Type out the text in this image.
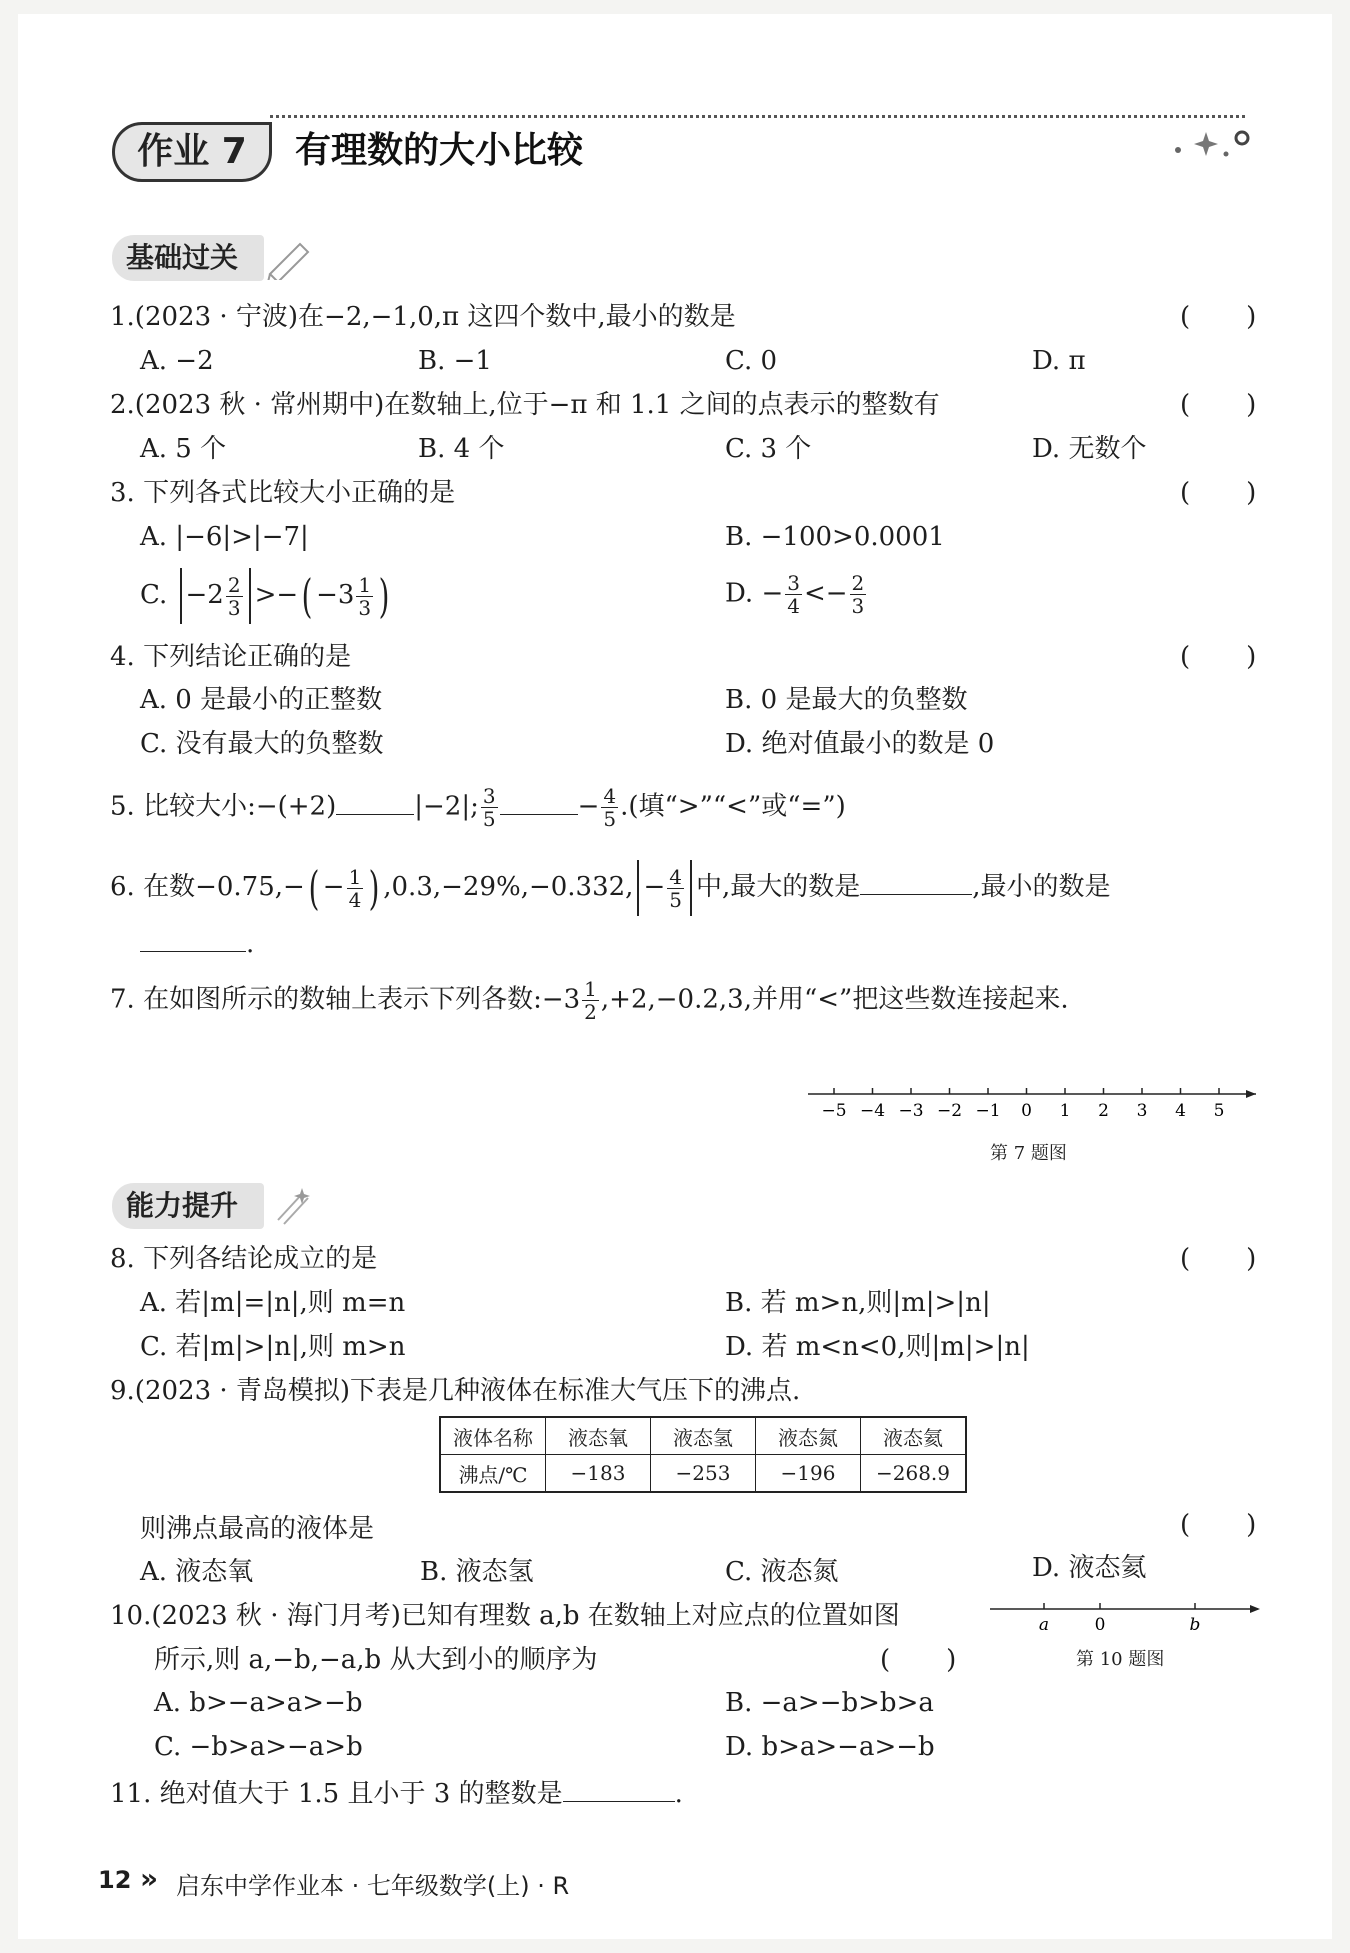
作业 7	有理数的大小比较
基础过关
1.(2023 · 宁波)在−2,−1,0,π 这四个数中,最小的数是	( )
A. −2	B. −1	C. 0	D. π
2.(2023 秋 · 常州期中)在数轴上,位于−π 和 1.1 之间的点表示的整数有	( )
A. 5 个	B. 4 个	C. 3 个	D. 无数个
3. 下列各式比较大小正确的是	( )
A. |−6|>|−7|	B. −100>0.0001
C. $-2 \frac{2}{3}$ >−( $-3 \frac{1}{3}$ )	D. − $\frac{3}{4} <- \frac{2}{3}$
4. 下列结论正确的是	( )
A. 0 是最小的正整数	B. 0 是最大的负整数
C. 没有最大的负整数	D. 绝对值最小的数是 0
5. 比较大小:−(+2)	|−2|; $\frac{3}{5}$	− $\frac{4}{5}$ .(填“>”“<”或“=”)
6. 在数$-0.75,-( - \frac{1}{4}$ ) ,0.3,−29%,−0.332, − $\frac{4}{5}$ 中,最大的数是	,最小的数是
.
7. 在如图所示的数轴上表示下列各数:−3 $\frac{1}{2} ,+2,-0.2,3$,并用“<”把这些数连接起来.
−5 −4 −3 −2 −1 0 1 2 3 4 5
第 7 题图
能力提升
8. 下列各结论成立的是	( )
A. 若|m|=|n|,则 m=n	B. 若 m>n,则|m|>|n|
C. 若|m|>|n|,则 m>n	D. 若 m<n<0,则|m|>|n|
9.(2023 · 青岛模拟)下表是几种液体在标准大气压下的沸点.
液体名称	液态氧	液态氢	液态氮	液态氦
沸点/℃	−183	−253	−196	−268.9
则沸点最高的液体是	( )
A. 液态氧	B. 液态氢	C. 液态氮	D. 液态氦
10.(2023 秋 · 海门月考)已知有理数 a,b 在数轴上对应点的位置如图
所示,则 a,−b,−a,b 从大到小的顺序为	( )
A. b>−a>a>−b	B. −a>−b>b>a
C. −b>a>−a>b	D. b>a>−a>−b
a	0	b
第 10 题图
11. 绝对值大于 1.5 且小于 3 的整数是	.
12 » 启东中学作业本 · 七年级数学(上) · R
